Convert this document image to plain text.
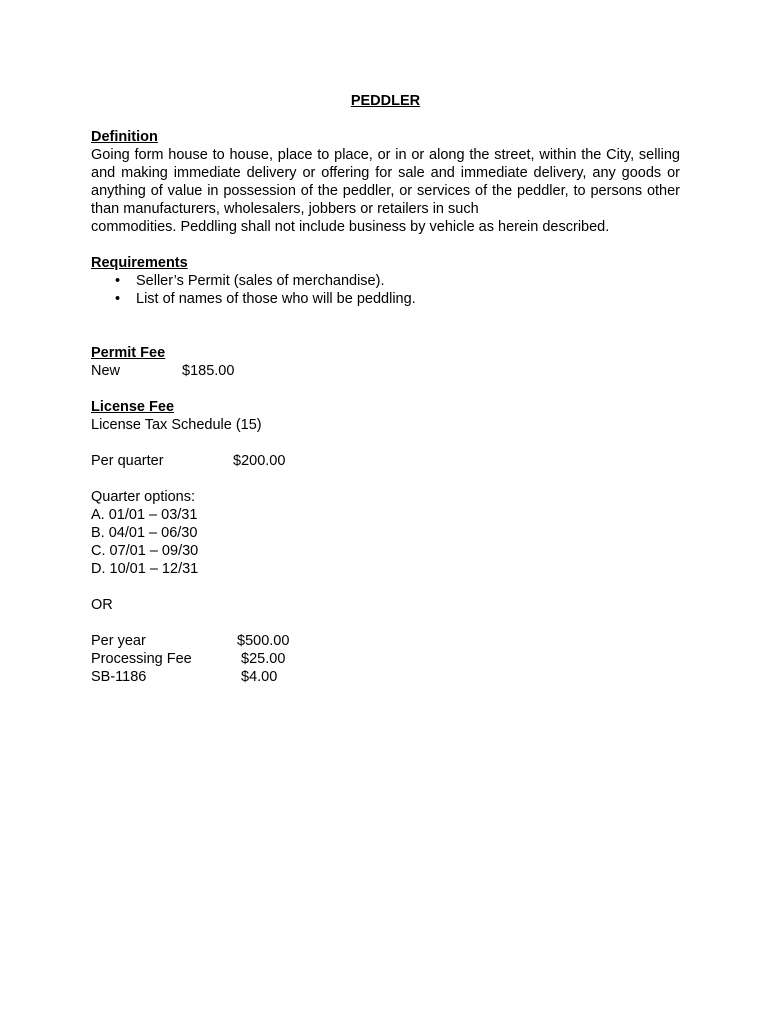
PEDDLER

Definition

Going form house to house, place to place, or in or along the street, within the City, selling and making immediate delivery or offering for sale and immediate delivery, any goods or anything of value in possession of the peddler, or services of the peddler, to persons other than manufacturers, wholesalers, jobbers or retailers in such
commodities. Peddling shall not include business by vehicle as herein described.

Requirements

• Seller’s Permit (sales of merchandise).
• List of names of those who will be peddling.

Permit Fee

New	$185.00

License Fee

License Tax Schedule (15)

Per quarter	$200.00

Quarter options:

A. 01/01 – 03/31

B. 04/01 – 06/30

C. 07/01 – 09/30

D. 10/01 – 12/31

OR

Per year	$500.00
Processing Fee	$25.00
SB-1186	$4.00
